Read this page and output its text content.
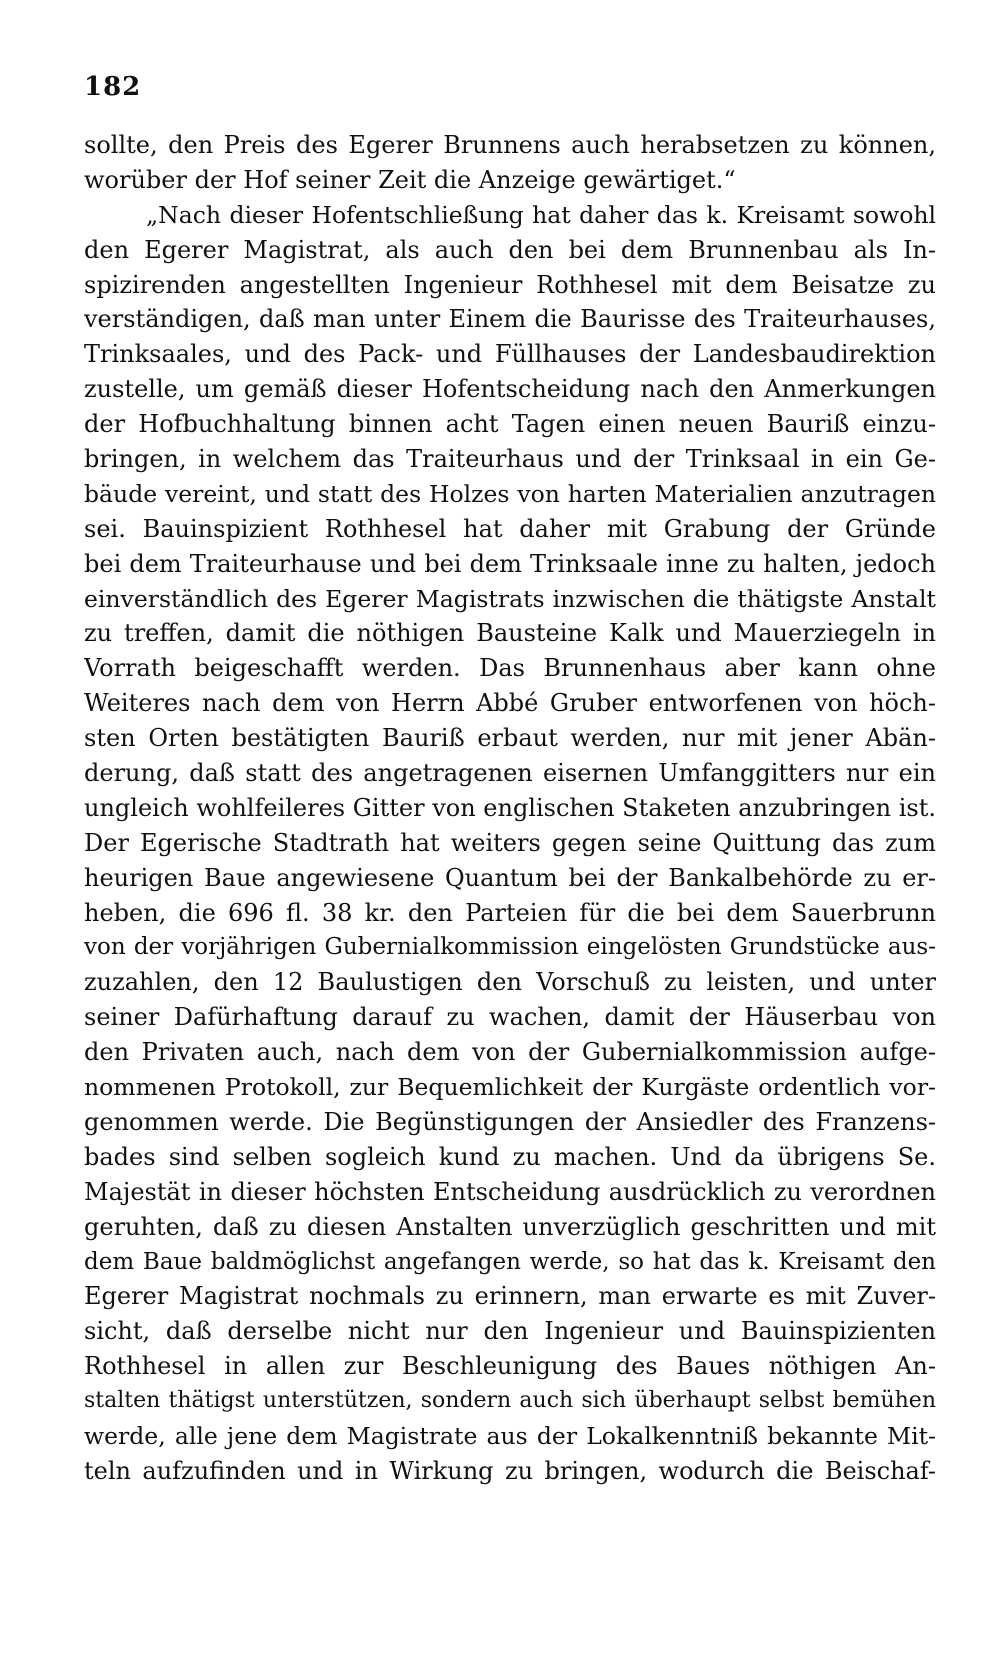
182
sollte, den Preis des Egerer Brunnens auch herabsetzen zu können,
worüber der Hof seiner Zeit die Anzeige gewärtiget.“
„Nach dieser Hofentschließung hat daher das k. Kreisamt sowohl
den Egerer Magistrat, als auch den bei dem Brunnenbau als In-
spizirenden angestellten Ingenieur Rothhesel mit dem Beisatze zu
verständigen, daß man unter Einem die Baurisse des Traiteurhauses,
Trinksaales, und des Pack- und Füllhauses der Landesbaudirektion
zustelle, um gemäß dieser Hofentscheidung nach den Anmerkungen
der Hofbuchhaltung binnen acht Tagen einen neuen Bauriß einzu-
bringen, in welchem das Traiteurhaus und der Trinksaal in ein Ge-
bäude vereint, und statt des Holzes von harten Materialien anzutragen
sei. Bauinspizient Rothhesel hat daher mit Grabung der Gründe
bei dem Traiteurhause und bei dem Trinksaale inne zu halten, jedoch
einverständlich des Egerer Magistrats inzwischen die thätigste Anstalt
zu treffen, damit die nöthigen Bausteine Kalk und Mauerziegeln in
Vorrath beigeschafft werden. Das Brunnenhaus aber kann ohne
Weiteres nach dem von Herrn Abbé Gruber entworfenen von höch-
sten Orten bestätigten Bauriß erbaut werden, nur mit jener Abän-
derung, daß statt des angetragenen eisernen Umfanggitters nur ein
ungleich wohlfeileres Gitter von englischen Staketen anzubringen ist.
Der Egerische Stadtrath hat weiters gegen seine Quittung das zum
heurigen Baue angewiesene Quantum bei der Bankalbehörde zu er-
heben, die 696 fl. 38 kr. den Parteien für die bei dem Sauerbrunn
von der vorjährigen Gubernialkommission eingelösten Grundstücke aus-
zuzahlen, den 12 Baulustigen den Vorschuß zu leisten, und unter
seiner Dafürhaftung darauf zu wachen, damit der Häuserbau von
den Privaten auch, nach dem von der Gubernialkommission aufge-
nommenen Protokoll, zur Bequemlichkeit der Kurgäste ordentlich vor-
genommen werde. Die Begünstigungen der Ansiedler des Franzens-
bades sind selben sogleich kund zu machen. Und da übrigens Se.
Majestät in dieser höchsten Entscheidung ausdrücklich zu verordnen
geruhten, daß zu diesen Anstalten unverzüglich geschritten und mit
dem Baue baldmöglichst angefangen werde, so hat das k. Kreisamt den
Egerer Magistrat nochmals zu erinnern, man erwarte es mit Zuver-
sicht, daß derselbe nicht nur den Ingenieur und Bauinspizienten
Rothhesel in allen zur Beschleunigung des Baues nöthigen An-
stalten thätigst unterstützen, sondern auch sich überhaupt selbst bemühen
werde, alle jene dem Magistrate aus der Lokalkenntniß bekannte Mit-
teln aufzufinden und in Wirkung zu bringen, wodurch die Beischaf-
